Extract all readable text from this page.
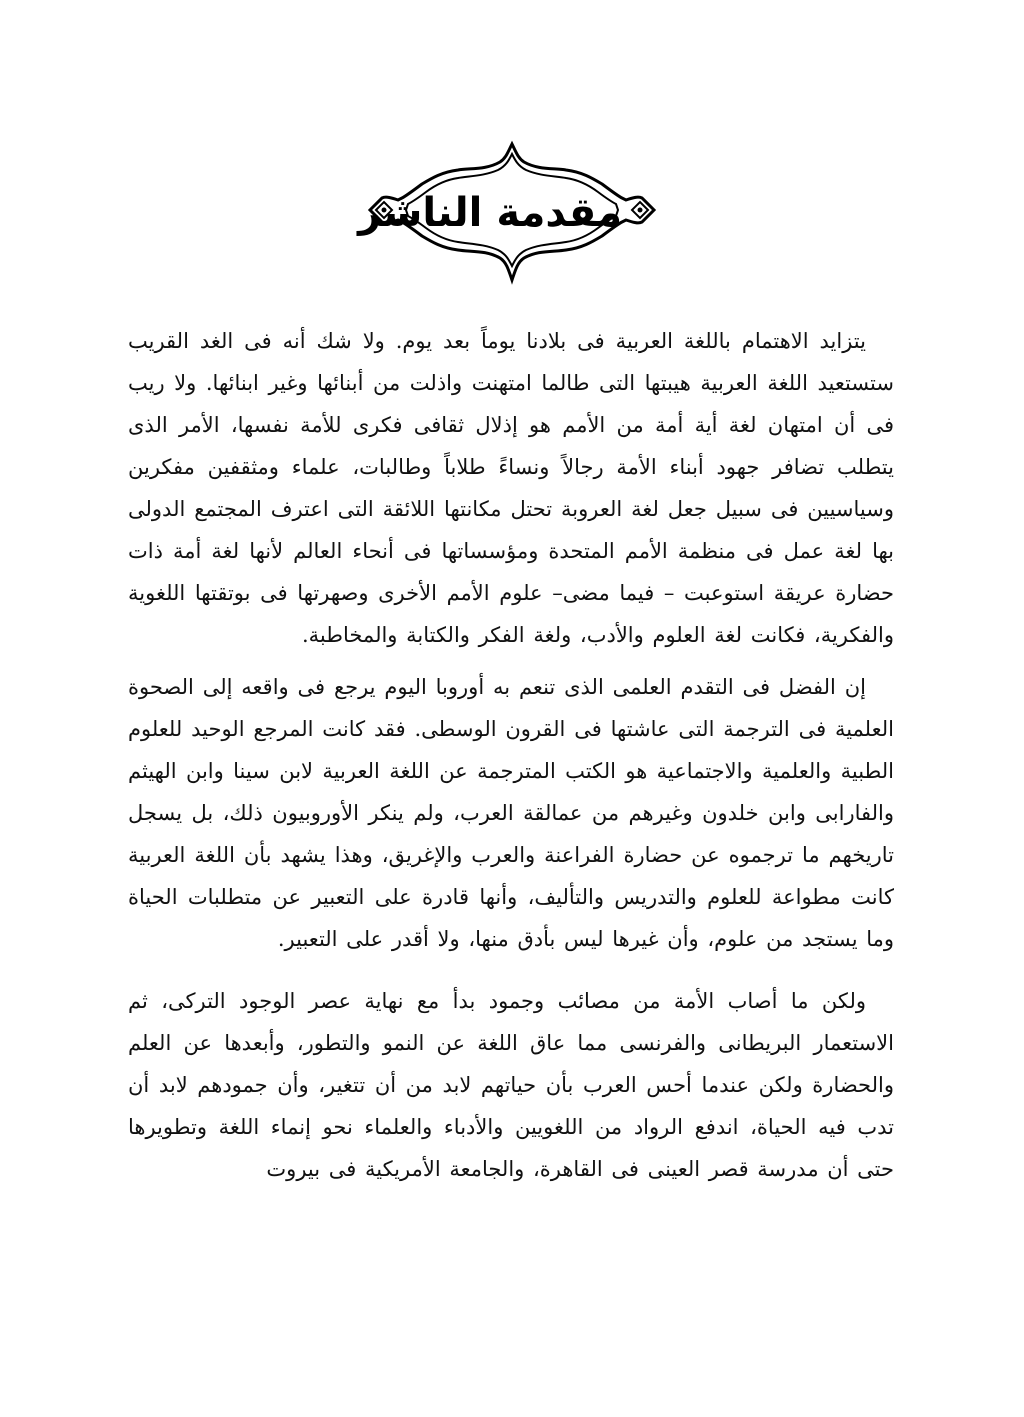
مقدمة الناشر

يتزايد الاهتمام باللغة العربية فى بلادنا يوماً بعد يوم. ولا شك أنه فى الغد القريب ستستعيد اللغة العربية هيبتها التى طالما امتهنت واذلت من أبنائها وغير ابنائها. ولا ريب فى أن امتهان لغة أية أمة من الأمم هو إذلال ثقافى فكرى للأمة نفسها، الأمر الذى يتطلب تضافر جهود أبناء الأمة رجالاً ونساءً طلاباً وطالبات، علماء ومثقفين مفكرين وسياسيين فى سبيل جعل لغة العروبة تحتل مكانتها اللائقة التى اعترف المجتمع الدولى بها لغة عمل فى منظمة الأمم المتحدة ومؤسساتها فى أنحاء العالم لأنها لغة أمة ذات حضارة عريقة استوعبت – فيما مضى– علوم الأمم الأخرى وصهرتها فى بوتقتها اللغوية والفكرية، فكانت لغة العلوم والأدب، ولغة الفكر والكتابة والمخاطبة.

إن الفضل فى التقدم العلمى الذى تنعم به أوروبا اليوم يرجع فى واقعه إلى الصحوة العلمية فى الترجمة التى عاشتها فى القرون الوسطى. فقد كانت المرجع الوحيد للعلوم الطبية والعلمية والاجتماعية هو الكتب المترجمة عن اللغة العربية لابن سينا وابن الهيثم والفارابى وابن خلدون وغيرهم من عمالقة العرب، ولم ينكر الأوروبيون ذلك، بل يسجل تاريخهم ما ترجموه عن حضارة الفراعنة والعرب والإغريق، وهذا يشهد بأن اللغة العربية كانت مطواعة للعلوم والتدريس والتأليف، وأنها قادرة على التعبير عن متطلبات الحياة وما يستجد من علوم، وأن غيرها ليس بأدق منها، ولا أقدر على التعبير.

ولكن ما أصاب الأمة من مصائب وجمود بدأ مع نهاية عصر الوجود التركى، ثم الاستعمار البريطانى والفرنسى مما عاق اللغة عن النمو والتطور، وأبعدها عن العلم والحضارة ولكن عندما أحس العرب بأن حياتهم لابد من أن تتغير، وأن جمودهم لابد أن تدب فيه الحياة، اندفع الرواد من اللغويين والأدباء والعلماء نحو إنماء اللغة وتطويرها حتى أن مدرسة قصر العينى فى القاهرة، والجامعة الأمريكية فى بيروت
